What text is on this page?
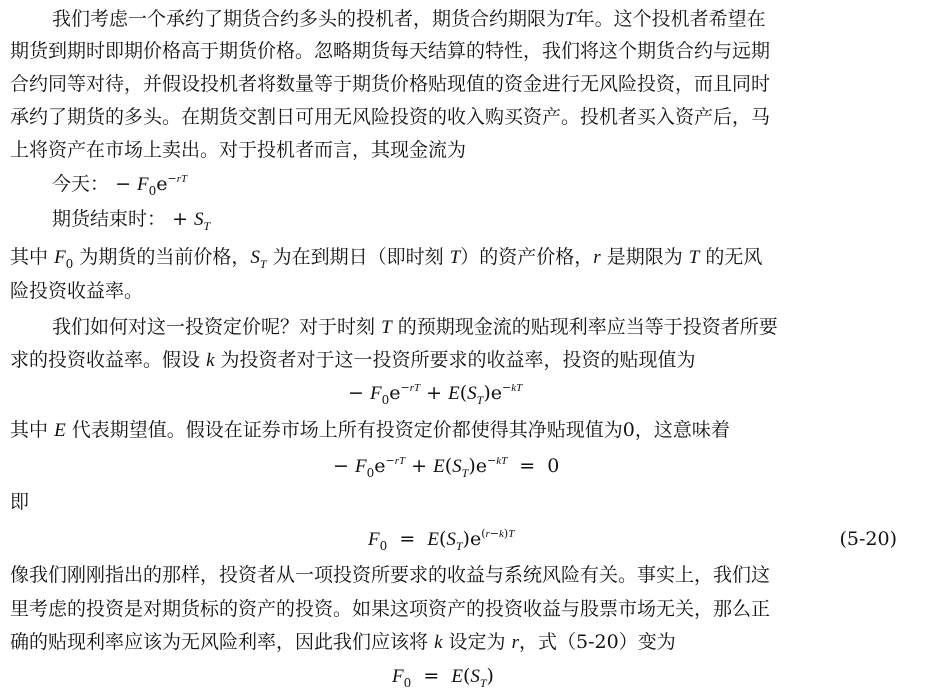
我们考虑一个承约了期货合约多头的投机者，期货合约期限为T年。这个投机者希望在
期货到期时即期价格高于期货价格。忽略期货每天结算的特性，我们将这个期货合约与远期
合约同等对待，并假设投机者将数量等于期货价格贴现值的资金进行无风险投资，而且同时
承约了期货的多头。在期货交割日可用无风险投资的收入购买资产。投机者买入资产后，马
上将资产在市场上卖出。对于投机者而言，其现金流为
今天： − $F_0e^{-rT}$
期货结束时： + $S_T$
其中 $F_0$ 为期货的当前价格，$S_T$ 为在到期日（即时刻 T）的资产价格，r 是期限为 T 的无风
险投资收益率。
我们如何对这一投资定价呢？对于时刻 T 的预期现金流的贴现利率应当等于投资者所要
求的投资收益率。假设 k 为投资者对于这一投资所要求的收益率，投资的贴现值为
− $F_0e^{-rT} + E(S_T)e^{-kT}$
其中 E 代表期望值。假设在证券市场上所有投资定价都使得其净贴现值为0，这意味着
− $F_0e^{-rT} + E(S_T)e^{-kT} = 0$
即
$F_0 = E(S_T)e^{(r-k)T}$	(5-20)
像我们刚刚指出的那样，投资者从一项投资所要求的收益与系统风险有关。事实上，我们这
里考虑的投资是对期货标的资产的投资。如果这项资产的投资收益与股票市场无关，那么正
确的贴现利率应该为无风险利率，因此我们应该将 k 设定为 r，式（5-20）变为
$F_0 = E(S_T)$
